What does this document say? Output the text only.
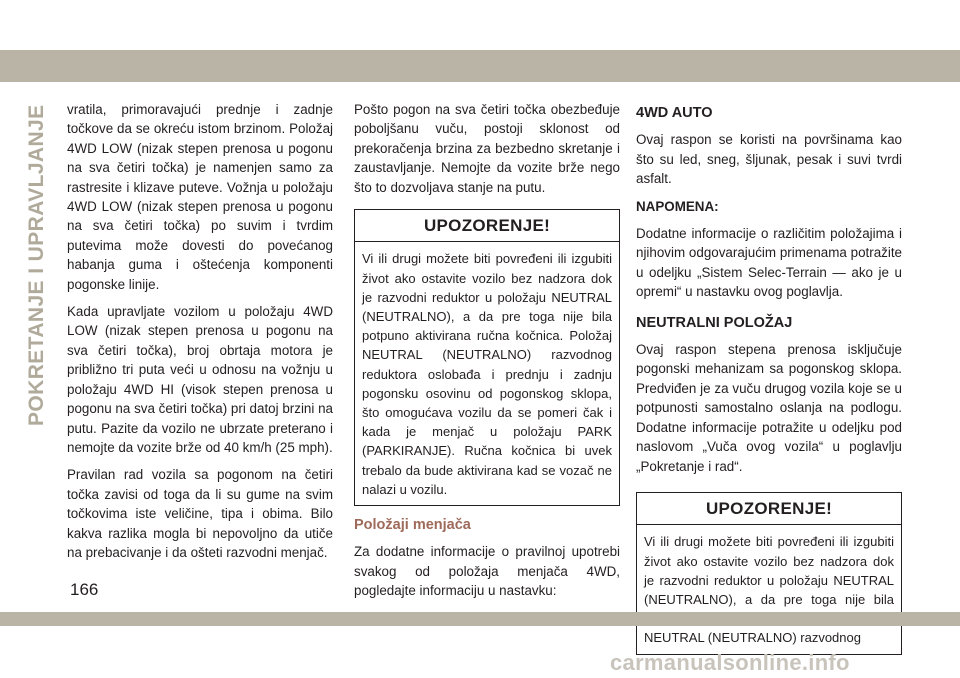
POKRETANJE I UPRAVLJANJE vratila, primoravajući prednje i zadnje točkove da se okreću istom brzinom. Položaj 4WD LOW (nizak stepen prenosa u pogonu na sva četiri točka) je namenjen samo za rastresite i klizave puteve. Vožnja u položaju 4WD LOW (nizak stepen prenosa u pogonu na sva četiri točka) po suvim i tvrdim putevima može dovesti do povećanog habanja guma i oštećenja komponenti pogonske linije.

Kada upravljate vozilom u položaju 4WD LOW (nizak stepen prenosa u pogonu na sva četiri točka), broj obrtaja motora je približno tri puta veći u odnosu na vožnju u položaju 4WD HI (visok stepen prenosa u pogonu na sva četiri točka) pri datoj brzini na putu. Pazite da vozilo ne ubrzate preterano i nemojte da vozite brže od 40 km/h (25 mph).

Pravilan rad vozila sa pogonom na četiri točka zavisi od toga da li su gume na svim točkovima iste veličine, tipa i obima. Bilo kakva razlika mogla bi nepovoljno da utiče na prebacivanje i da ošteti razvodni menjač.

Pošto pogon na sva četiri točka obezbeđuje poboljšanu vuču, postoji sklonost od prekoračenja brzina za bezbedno skretanje i zaustavljanje. Nemojte da vozite brže nego što to dozvoljava stanje na putu.

UPOZORENJE!
Vi ili drugi možete biti povređeni ili izgubiti život ako ostavite vozilo bez nadzora dok je razvodni reduktor u položaju NEUTRAL (NEUTRALNO), a da pre toga nije bila potpuno aktivirana ručna kočnica. Položaj NEUTRAL (NEUTRALNO) razvodnog reduktora oslobađa i prednju i zadnju pogonsku osovinu od pogonskog sklopa, što omogućava vozilu da se pomeri čak i kada je menjač u položaju PARK (PARKIRANJE). Ručna kočnica bi uvek trebalo da bude aktivirana kad se vozač ne nalazi u vozilu.
Položaji menjača

Za dodatne informacije o pravilnoj upotrebi svakog od položaja menjača 4WD, pogledajte informaciju u nastavku:

4WD AUTO

Ovaj raspon se koristi na površinama kao što su led, sneg, šljunak, pesak i suvi tvrdi asfalt.

NAPOMENA:

Dodatne informacije o različitim položajima i njihovim odgovarajućim primenama potražite u odeljku „Sistem Selec-Terrain — ako je u opremi“ u nastavku ovog poglavlja.

NEUTRALNI POLOŽAJ

Ovaj raspon stepena prenosa isključuje pogonski mehanizam sa pogonskog sklopa. Predviđen je za vuču drugog vozila koje se u potpunosti samostalno oslanja na podlogu. Dodatne informacije potražite u odeljku pod naslovom „Vuča ovog vozila“ u poglavlju „Pokretanje i rad“.

UPOZORENJE!
Vi ili drugi možete biti povređeni ili izgubiti život ako ostavite vozilo bez nadzora dok je razvodni reduktor u položaju NEUTRAL (NEUTRALNO), a da pre toga nije bila NEUTRAL (NEUTRALNO) razvodnog
166
carmanualsonline.info
